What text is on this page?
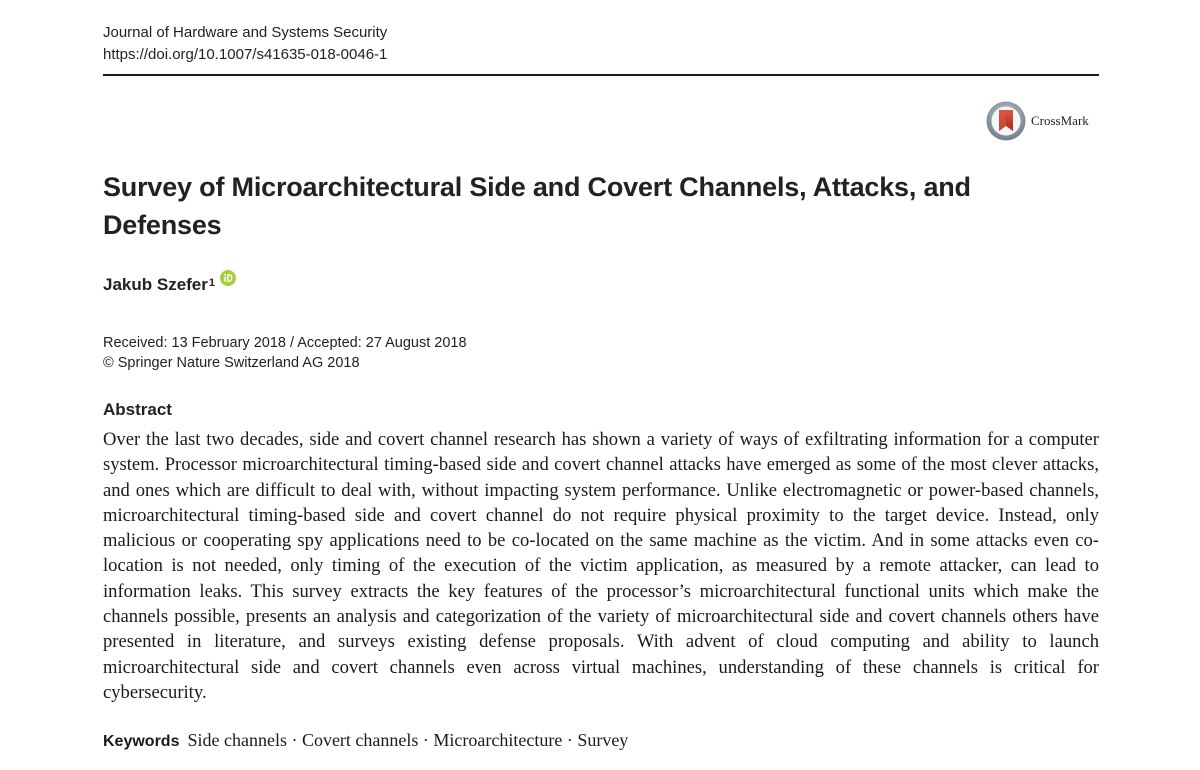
Journal of Hardware and Systems Security
https://doi.org/10.1007/s41635-018-0046-1
CrossMark
Survey of Microarchitectural Side and Covert Channels, Attacks, and Defenses
Jakub Szefer$^1$
Received: 13 February 2018 / Accepted: 27 August 2018
© Springer Nature Switzerland AG 2018
Abstract

Over the last two decades, side and covert channel research has shown a variety of ways of exfiltrating information for a computer system. Processor microarchitectural timing-based side and covert channel attacks have emerged as some of the most clever attacks, and ones which are difficult to deal with, without impacting system performance. Unlike electromagnetic or power-based channels, microarchitectural timing-based side and covert channel do not require physical proximity to the target device. Instead, only malicious or cooperating spy applications need to be co-located on the same machine as the victim. And in some attacks even co-location is not needed, only timing of the execution of the victim application, as measured by a remote attacker, can lead to information leaks. This survey extracts the key features of the processor’s microarchitectural functional units which make the channels possible, presents an analysis and categorization of the variety of microarchitectural side and covert channels others have presented in literature, and surveys existing defense proposals. With advent of cloud computing and ability to launch microarchitectural side and covert channels even across virtual machines, understanding of these channels is critical for cybersecurity.

Keywords Side channels · Covert channels · Microarchitecture · Survey
